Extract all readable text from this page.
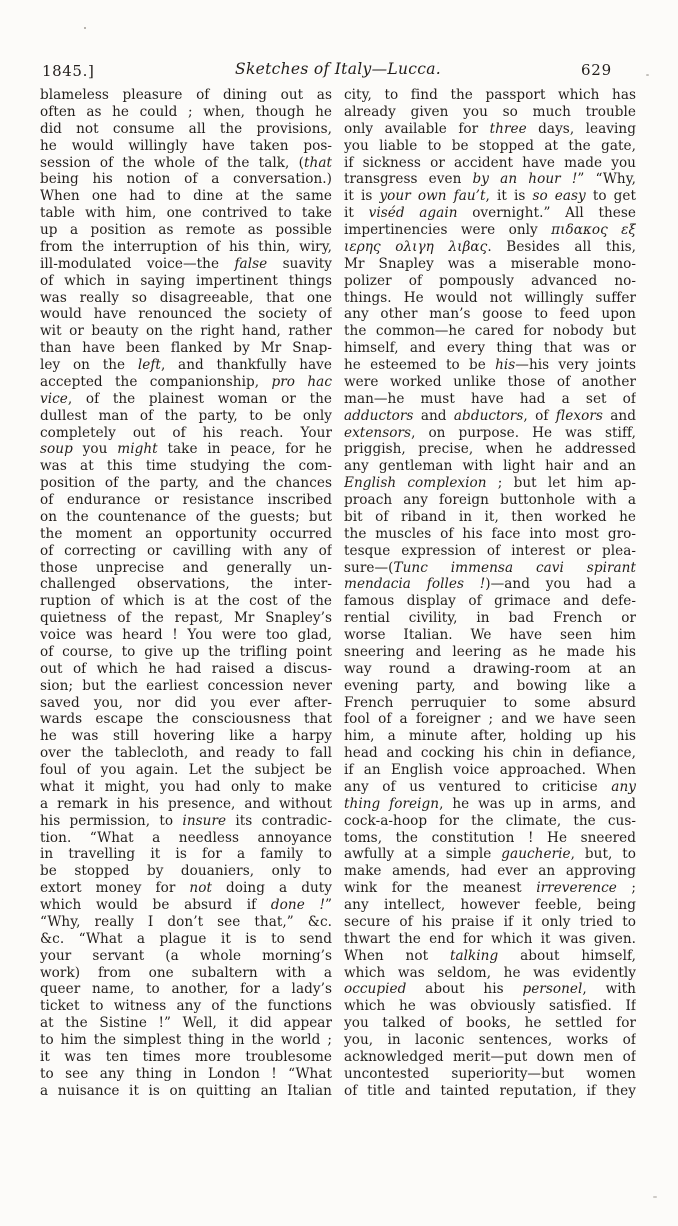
1845.]	Sketches of Italy—Lucca.	629
blameless pleasure of dining out as
often as he could ; when, though he
did not consume all the provisions,
he would willingly have taken pos-
session of the whole of the talk, (that
being his notion of a conversation.)
When one had to dine at the same
table with him, one contrived to take
up a position as remote as possible
from the interruption of his thin, wiry,
ill-modulated voice—the false suavity
of which in saying impertinent things
was really so disagreeable, that one
would have renounced the society of
wit or beauty on the right hand, rather
than have been flanked by Mr Snap-
ley on the left, and thankfully have
accepted the companionship, pro hac
vice, of the plainest woman or the
dullest man of the party, to be only
completely out of his reach. Your
soup you might take in peace, for he
was at this time studying the com-
position of the party, and the chances
of endurance or resistance inscribed
on the countenance of the guests; but
the moment an opportunity occurred
of correcting or cavilling with any of
those unprecise and generally un-
challenged observations, the inter-
ruption of which is at the cost of the
quietness of the repast, Mr Snapley’s
voice was heard ! You were too glad,
of course, to give up the trifling point
out of which he had raised a discus-
sion; but the earliest concession never
saved you, nor did you ever after-
wards escape the consciousness that
he was still hovering like a harpy
over the tablecloth, and ready to fall
foul of you again. Let the subject be
what it might, you had only to make
a remark in his presence, and without
his permission, to insure its contradic-
tion. “What a needless annoyance
in travelling it is for a family to
be stopped by douaniers, only to
extort money for not doing a duty
which would be absurd if done !”
“Why, really I don’t see that,” &c.
&c. “What a plague it is to send
your servant (a whole morning’s
work) from one subaltern with a
queer name, to another, for a lady’s
ticket to witness any of the functions
at the Sistine !” Well, it did appear
to him the simplest thing in the world ;
it was ten times more troublesome
to see any thing in London ! “What
a nuisance it is on quitting an Italian
city, to find the passport which has
already given you so much trouble
only available for three days, leaving
you liable to be stopped at the gate,
if sickness or accident have made you
transgress even by an hour !” “Why,
it is your own fau’t, it is so easy to get
it viséd again overnight.” All these
impertinencies were only πιδακος εξ
ιερης ολιγη λιβας. Besides all this,
Mr Snapley was a miserable mono-
polizer of pompously advanced no-
things. He would not willingly suffer
any other man’s goose to feed upon
the common—he cared for nobody but
himself, and every thing that was or
he esteemed to be his—his very joints
were worked unlike those of another
man—he must have had a set of
adductors and abductors, of flexors and
extensors, on purpose. He was stiff,
priggish, precise, when he addressed
any gentleman with light hair and an
English complexion ; but let him ap-
proach any foreign buttonhole with a
bit of riband in it, then worked he
the muscles of his face into most gro-
tesque expression of interest or plea-
sure—(Tunc immensa cavi spirant
mendacia folles !)—and you had a
famous display of grimace and defe-
rential civility, in bad French or
worse Italian. We have seen him
sneering and leering as he made his
way round a drawing-room at an
evening party, and bowing like a
French perruquier to some absurd
fool of a foreigner ; and we have seen
him, a minute after, holding up his
head and cocking his chin in defiance,
if an English voice approached. When
any of us ventured to criticise any
thing foreign, he was up in arms, and
cock-a-hoop for the climate, the cus-
toms, the constitution ! He sneered
awfully at a simple gaucherie, but, to
make amends, had ever an approving
wink for the meanest irreverence ;
any intellect, however feeble, being
secure of his praise if it only tried to
thwart the end for which it was given.
When not talking about himself,
which was seldom, he was evidently
occupied about his personel, with
which he was obviously satisfied. If
you talked of books, he settled for
you, in laconic sentences, works of
acknowledged merit—put down men of
uncontested superiority—but women
of title and tainted reputation, if they
